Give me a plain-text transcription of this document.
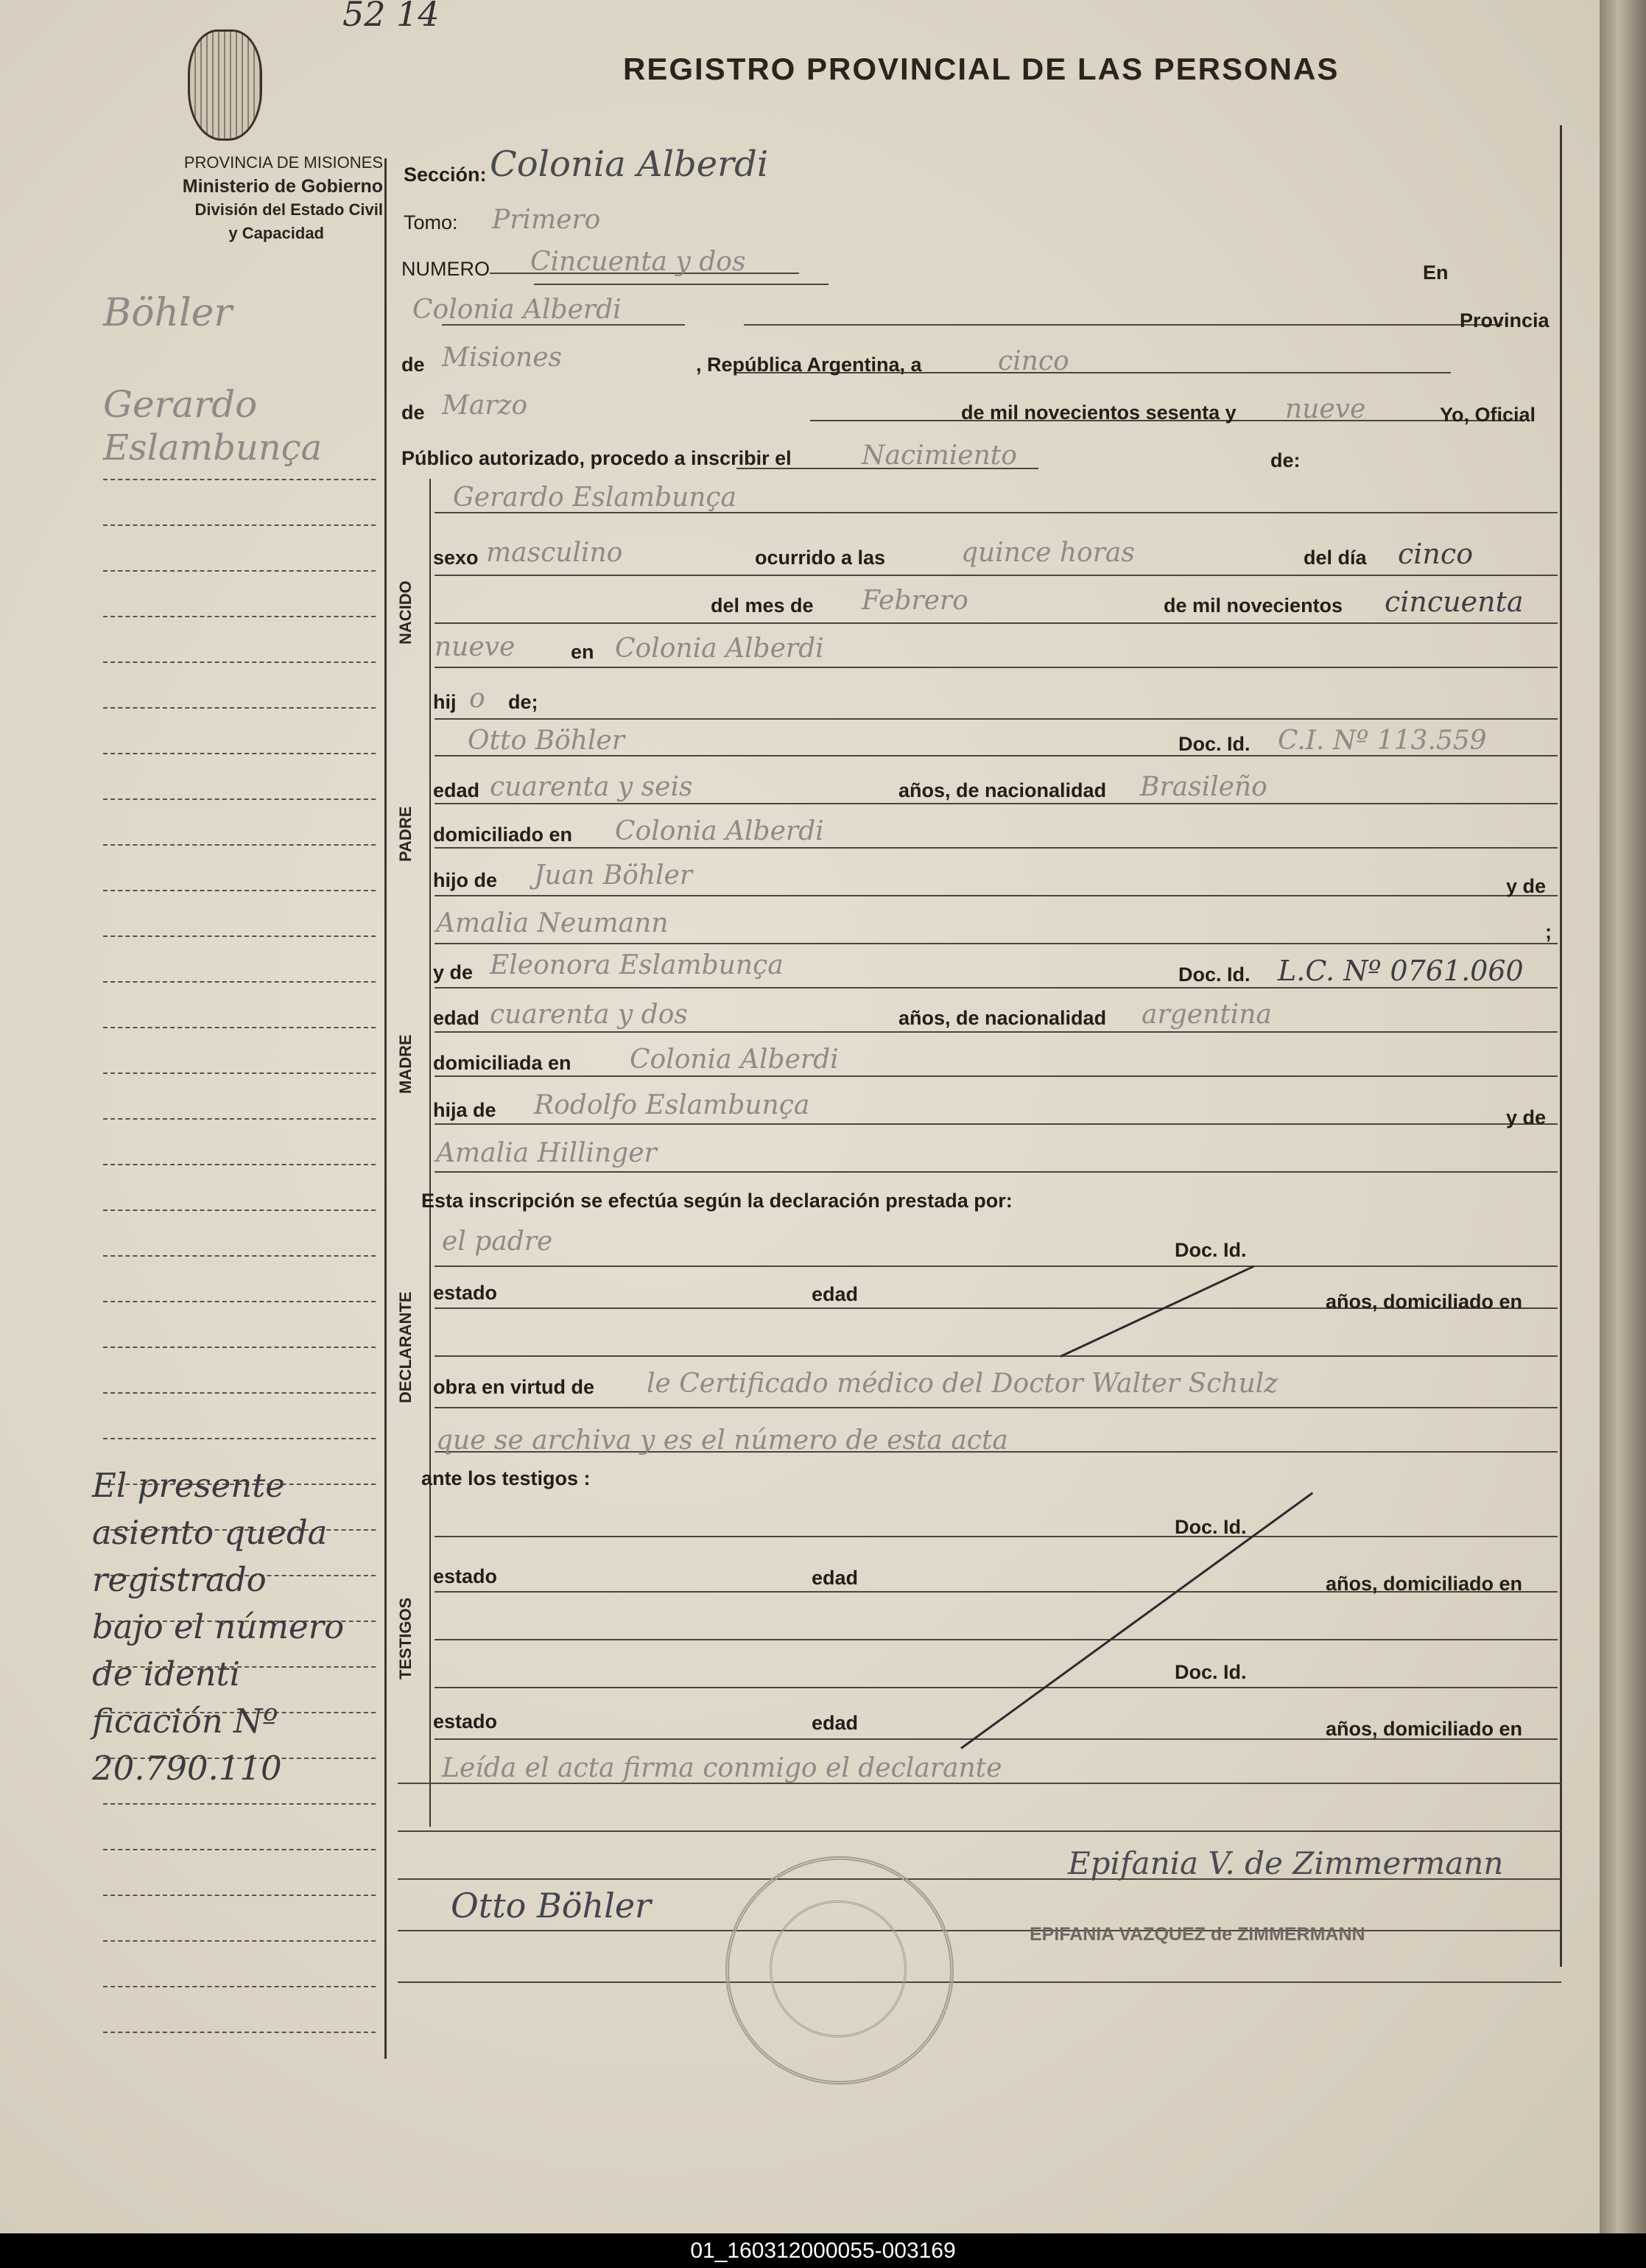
52 14
REGISTRO PROVINCIAL DE LAS PERSONAS
PROVINCIA DE MISIONES
Ministerio de Gobierno
División del Estado Civil
y Capacidad
Böhler
Gerardo
Eslambunça
Sección: Colonia Alberdi
Tomo: Primero
NUMERO Cincuenta y dos	En
Colonia Alberdi	Provincia
de Misiones	, República Argentina, a	cinco
de Marzo	de mil novecientos sesenta y nueve	Yo, Oficial
Público autorizado, procedo a inscribir el	Nacimiento	de:
NACIDO
Gerardo Eslambunça
sexo masculino	ocurrido a las	quince horas	del día cinco
del mes de Febrero	de mil novecientos cincuenta
nueve	en Colonia Alberdi
hij o de;
PADRE
Otto Böhler	Doc. Id. C.I. Nº 113.559
edad cuarenta y seis	años, de nacionalidad Brasileño
domiciliado en Colonia Alberdi
hijo de Juan Böhler	y de
Amalia Neumann	;
MADRE
y de Eleonora Eslambunça	Doc. Id. L.C. Nº 0761.060
edad cuarenta y dos	años, de nacionalidad argentina
domiciliada en Colonia Alberdi
hija de Rodolfo Eslambunça	y de
Amalia Hillinger
Esta inscripción se efectúa según la declaración prestada por:
DECLARANTE
el padre	Doc. Id.
estado	edad	años, domiciliado en
obra en virtud de le Certificado médico del Doctor Walter Schulz
que se archiva y es el número de esta acta
ante los testigos :
TESTIGOS
Doc. Id.
estado	edad	años, domiciliado en
Doc. Id.
estado	edad	años, domiciliado en
Leída el acta firma conmigo el declarante
Epifania V. de Zimmermann
EPIFANIA VAZQUEZ de ZIMMERMANN
Otto Böhler
El presente
asiento queda
registrado
bajo el número
de identi
ficación Nº
20.790.110
01_160312000055-003169
